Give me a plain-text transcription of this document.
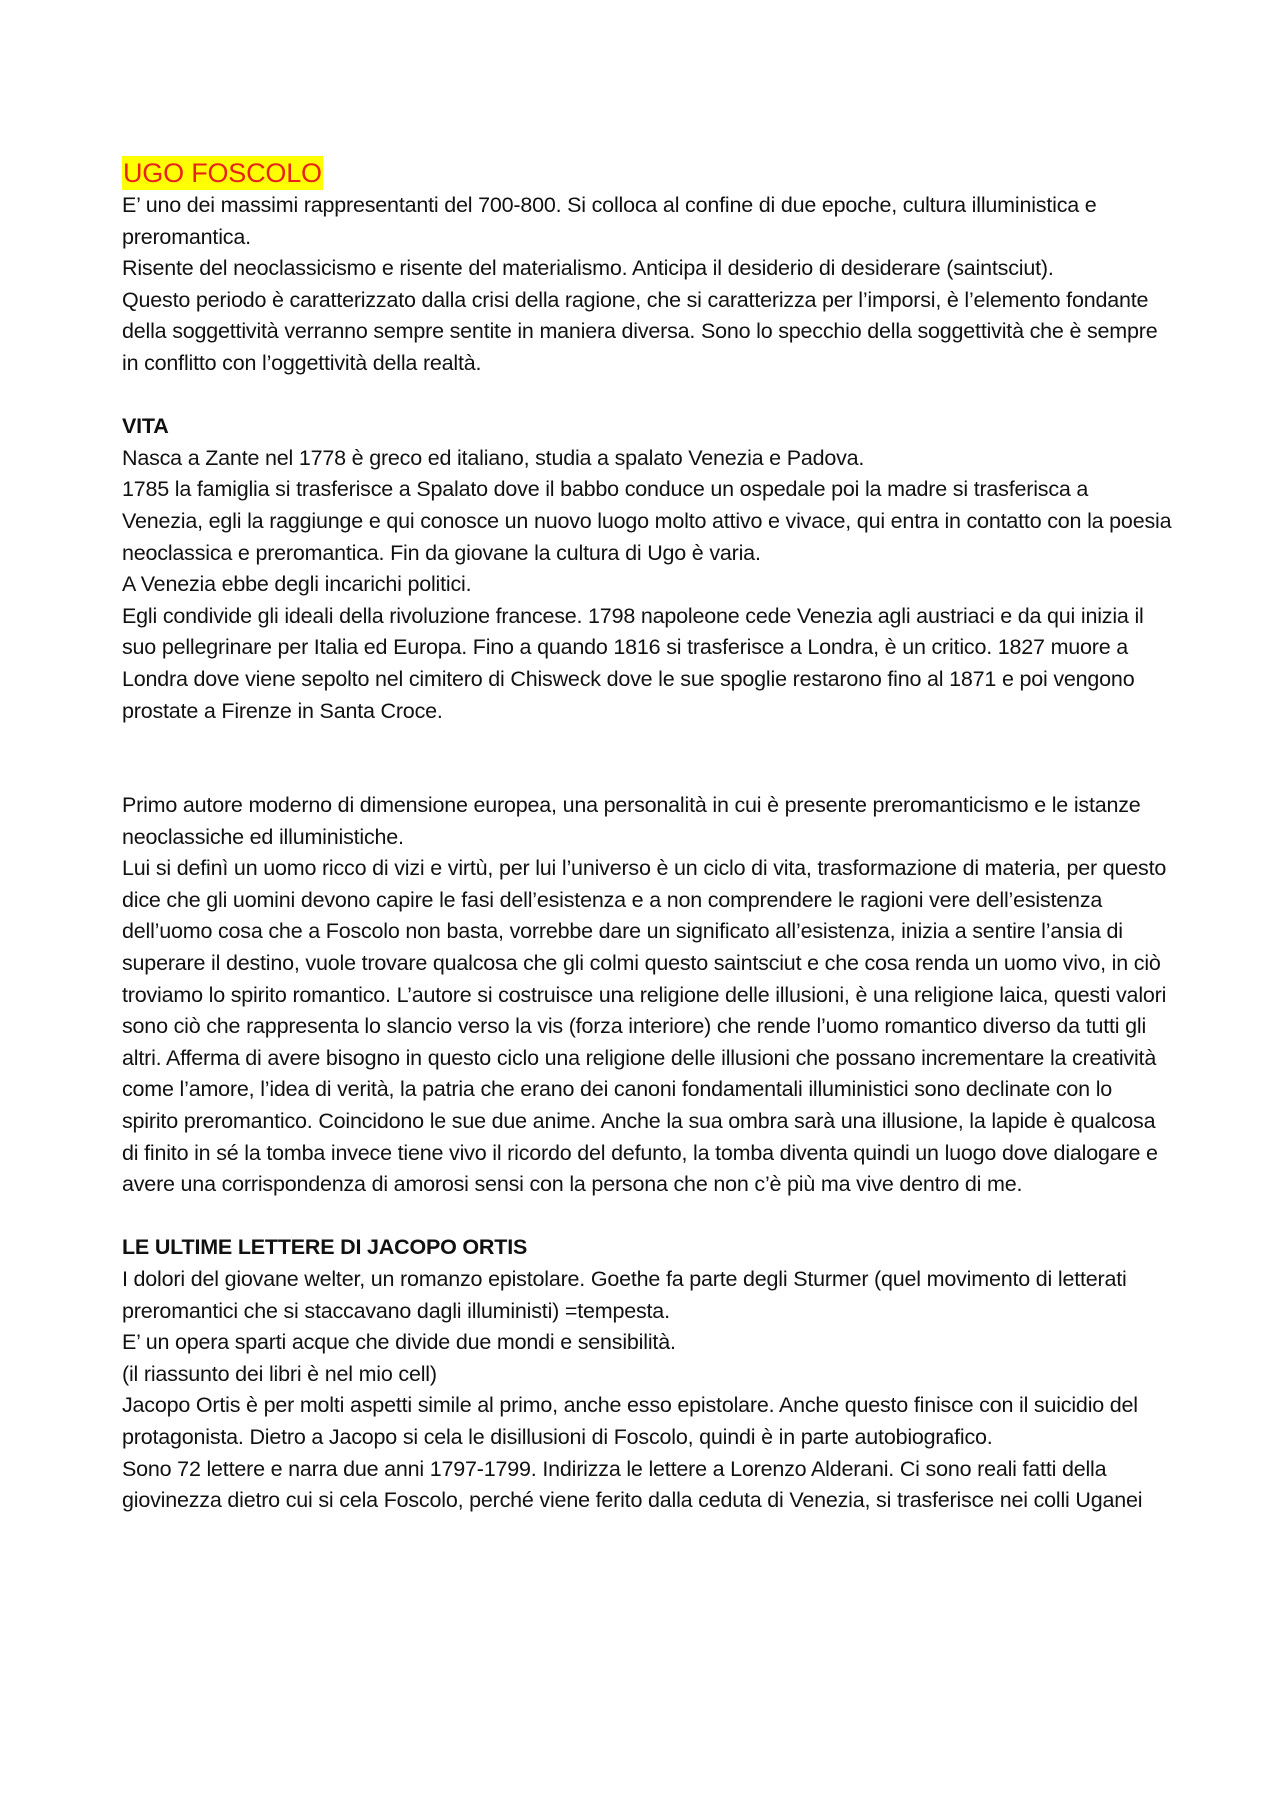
UGO FOSCOLO

E’ uno dei massimi rappresentanti del 700-800. Si colloca al confine di due epoche, cultura illuministica e preromantica.

Risente del neoclassicismo e risente del materialismo. Anticipa il desiderio di desiderare (saintsciut).

Questo periodo è caratterizzato dalla crisi della ragione, che si caratterizza per l’imporsi, è l’elemento fondante della soggettività verranno sempre sentite in maniera diversa. Sono lo specchio della soggettività che è sempre in conflitto con l’oggettività della realtà.

VITA

Nasca a Zante nel 1778 è greco ed italiano, studia a spalato Venezia e Padova.

1785 la famiglia si trasferisce a Spalato dove il babbo conduce un ospedale poi la madre si trasferisca a Venezia, egli la raggiunge e qui conosce un nuovo luogo molto attivo e vivace, qui entra in contatto con la poesia neoclassica e preromantica. Fin da giovane la cultura di Ugo è varia.

A Venezia ebbe degli incarichi politici.

Egli condivide gli ideali della rivoluzione francese. 1798 napoleone cede Venezia agli austriaci e da qui inizia il suo pellegrinare per Italia ed Europa. Fino a quando 1816 si trasferisce a Londra, è un critico. 1827 muore a Londra dove viene sepolto nel cimitero di Chisweck dove le sue spoglie restarono fino al 1871 e poi vengono prostate a Firenze in Santa Croce.

Primo autore moderno di dimensione europea, una personalità in cui è presente preromanticismo e le istanze neoclassiche ed illuministiche.

Lui si definì un uomo ricco di vizi e virtù, per lui l’universo è un ciclo di vita, trasformazione di materia, per questo dice che gli uomini devono capire le fasi dell’esistenza e a non comprendere le ragioni vere dell’esistenza dell’uomo cosa che a Foscolo non basta, vorrebbe dare un significato all’esistenza, inizia a sentire l’ansia di superare il destino, vuole trovare qualcosa che gli colmi questo saintsciut e che cosa renda un uomo vivo, in ciò troviamo lo spirito romantico. L’autore si costruisce una religione delle illusioni, è una religione laica, questi valori sono ciò che rappresenta lo slancio verso la vis (forza interiore) che rende l’uomo romantico diverso da tutti gli altri. Afferma di avere bisogno in questo ciclo una religione delle illusioni che possano incrementare la creatività come l’amore, l’idea di verità, la patria che erano dei canoni fondamentali illuministici sono declinate con lo spirito preromantico. Coincidono le sue due anime. Anche la sua ombra sarà una illusione, la lapide è qualcosa di finito in sé la tomba invece tiene vivo il ricordo del defunto, la tomba diventa quindi un luogo dove dialogare e avere una corrispondenza di amorosi sensi con la persona che non c’è più ma vive dentro di me.

LE ULTIME LETTERE DI JACOPO ORTIS

I dolori del giovane welter, un romanzo epistolare. Goethe fa parte degli Sturmer (quel movimento di letterati preromantici che si staccavano dagli illuministi) =tempesta.

E’ un opera sparti acque che divide due mondi e sensibilità.

(il riassunto dei libri è nel mio cell)

Jacopo Ortis è per molti aspetti simile al primo, anche esso epistolare. Anche questo finisce con il suicidio del protagonista. Dietro a Jacopo si cela le disillusioni di Foscolo, quindi è in parte autobiografico.

Sono 72 lettere e narra due anni 1797-1799. Indirizza le lettere a Lorenzo Alderani. Ci sono reali fatti della giovinezza dietro cui si cela Foscolo, perché viene ferito dalla ceduta di Venezia, si trasferisce nei colli Uganei
